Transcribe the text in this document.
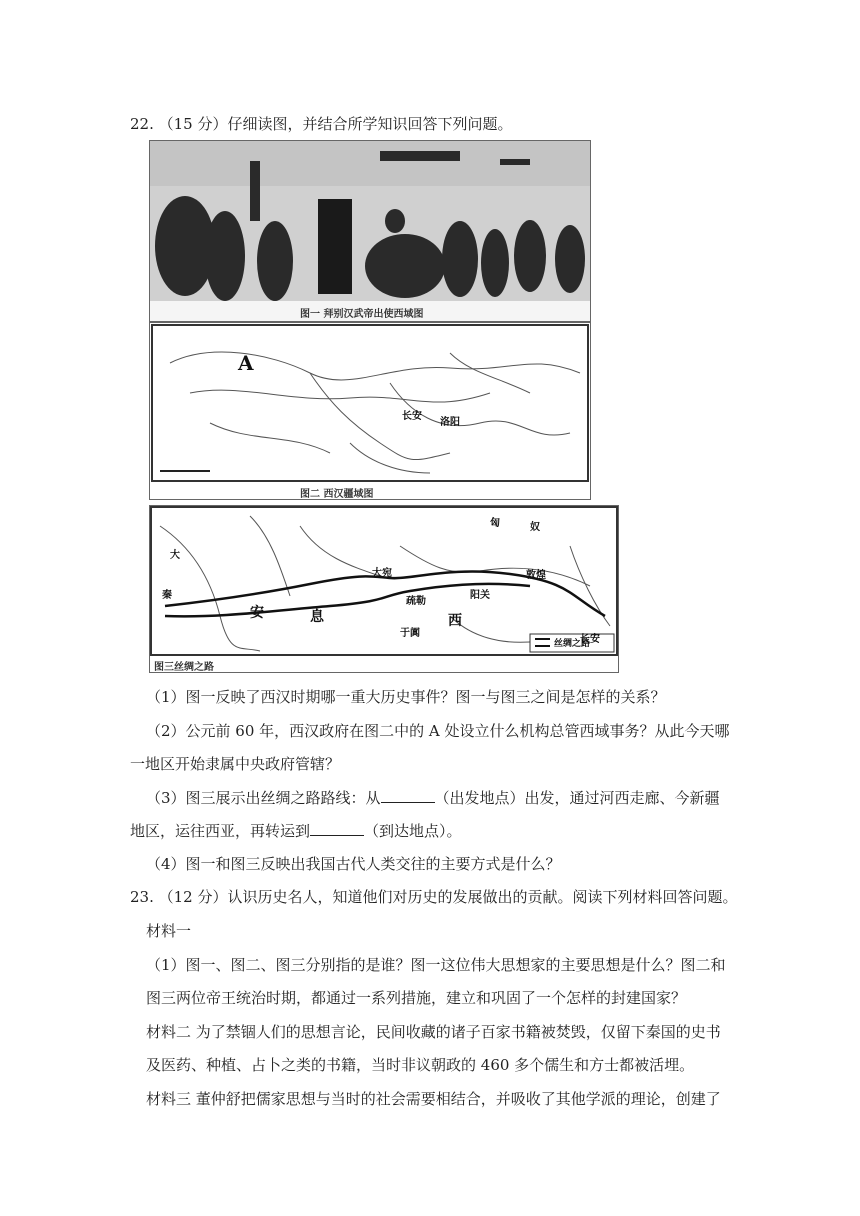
22. （15 分）仔细读图，并结合所学知识回答下列问题。
图一 拜别汉武帝出使西域图
A
长安
洛阳
图二 西汉疆域图
匈	奴
大
秦
大宛
疏勒
敦煌
阳关
于阗
长安
安	息	西
丝绸之路
图三丝绸之路
（1）图一反映了西汉时期哪一重大历史事件？图一与图三之间是怎样的关系？
（2）公元前 60 年，西汉政府在图二中的 A 处设立什么机构总管西域事务？从此今天哪
一地区开始隶属中央政府管辖？
（3）图三展示出丝绸之路路线：从	（出发地点）出发，通过河西走廊、今新疆
地区，运往西亚，再转运到	（到达地点）。
（4）图一和图三反映出我国古代人类交往的主要方式是什么？
23. （12 分）认识历史名人，知道他们对历史的发展做出的贡献。阅读下列材料回答问题。
材料一
（1）图一、图二、图三分别指的是谁？图一这位伟大思想家的主要思想是什么？图二和
图三两位帝王统治时期，都通过一系列措施，建立和巩固了一个怎样的封建国家？
材料二 为了禁锢人们的思想言论，民间收藏的诸子百家书籍被焚毁，仅留下秦国的史书
及医药、种植、占卜之类的书籍，当时非议朝政的 460 多个儒生和方士都被活埋。
材料三 董仲舒把儒家思想与当时的社会需要相结合，并吸收了其他学派的理论，创建了
